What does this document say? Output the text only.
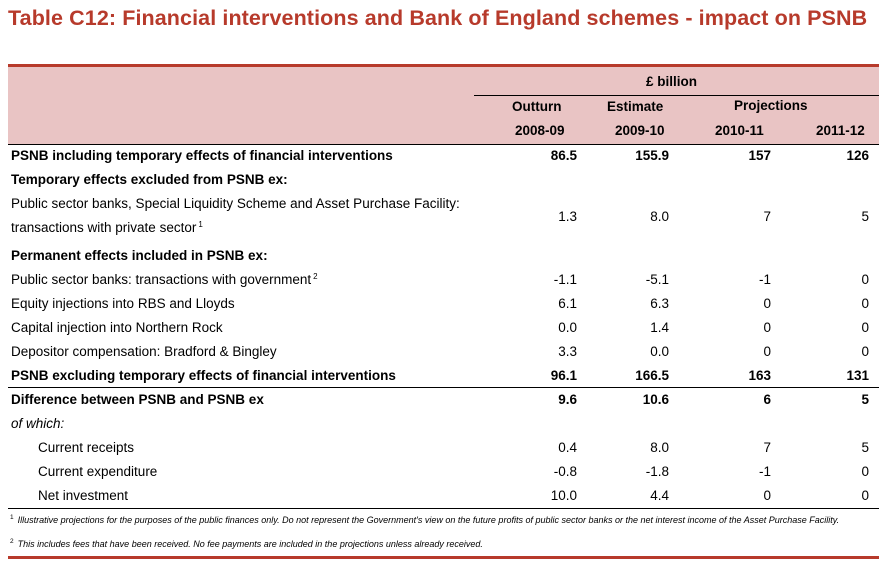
Table C12: Financial interventions and Bank of England schemes - impact on PSNB
£ billion
Outturn	Estimate	Projections
2008-09	2009-10	2010-11	2011-12
PSNB including temporary effects of financial interventions	86.5	155.9	157	126
Temporary effects excluded from PSNB ex:
Public sector banks, Special Liquidity Scheme and Asset Purchase Facility:
transactions with private sector $^1$	1.3	8.0	7	5
Permanent effects included in PSNB ex:
Public sector banks: transactions with government $^2$	-1.1	-5.1	-1	0
Equity injections into RBS and Lloyds	6.1	6.3	0	0
Capital injection into Northern Rock	0.0	1.4	0	0
Depositor compensation: Bradford & Bingley	3.3	0.0	0	0
PSNB excluding temporary effects of financial interventions	96.1	166.5	163	131
Difference between PSNB and PSNB ex	9.6	10.6	6	5
of which:
Current receipts	0.4	8.0	7	5
Current expenditure	-0.8	-1.8	-1	0
Net investment	10.0	4.4	0	0
$^1$ Illustrative projections for the purposes of the public finances only. Do not represent the Government's view on the future profits of public sector banks or the net interest income of the Asset Purchase Facility.
$^2$ This includes fees that have been received. No fee payments are included in the projections unless already received.
